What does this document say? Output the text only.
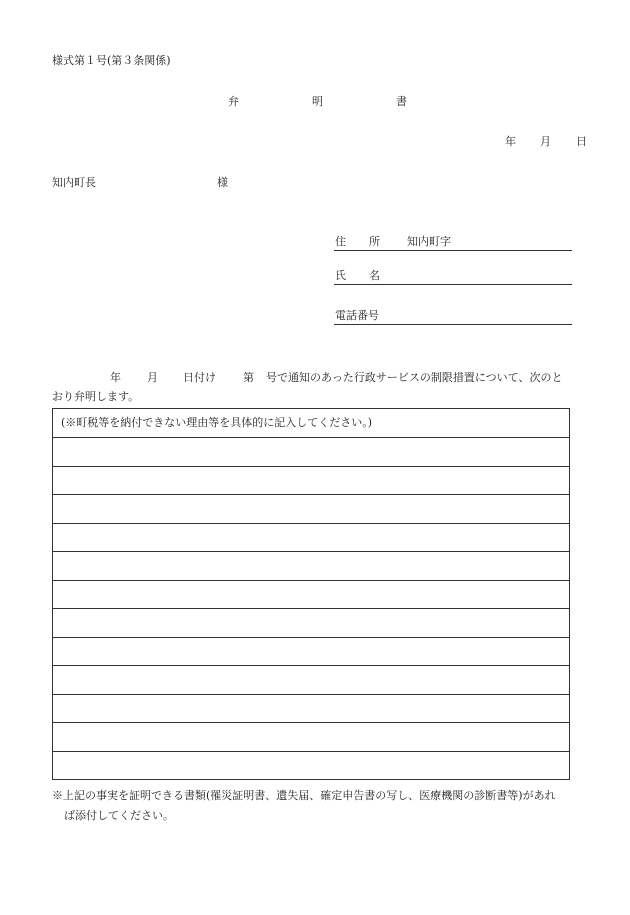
様式第１号(第３条関係)
弁	明	書
年 月 日
知内町長	様
住 所 知内町字
氏 名
電話番号
年 月 日付け 第 号で通知のあった行政サービスの制限措置について、次のと
おり弁明します。
(※町税等を納付できない理由等を具体的に記入してください。)
※上記の事実を証明できる書類(罹災証明書、遺失届、確定申告書の写し、医療機関の診断書等)があれ
ば添付してください。
